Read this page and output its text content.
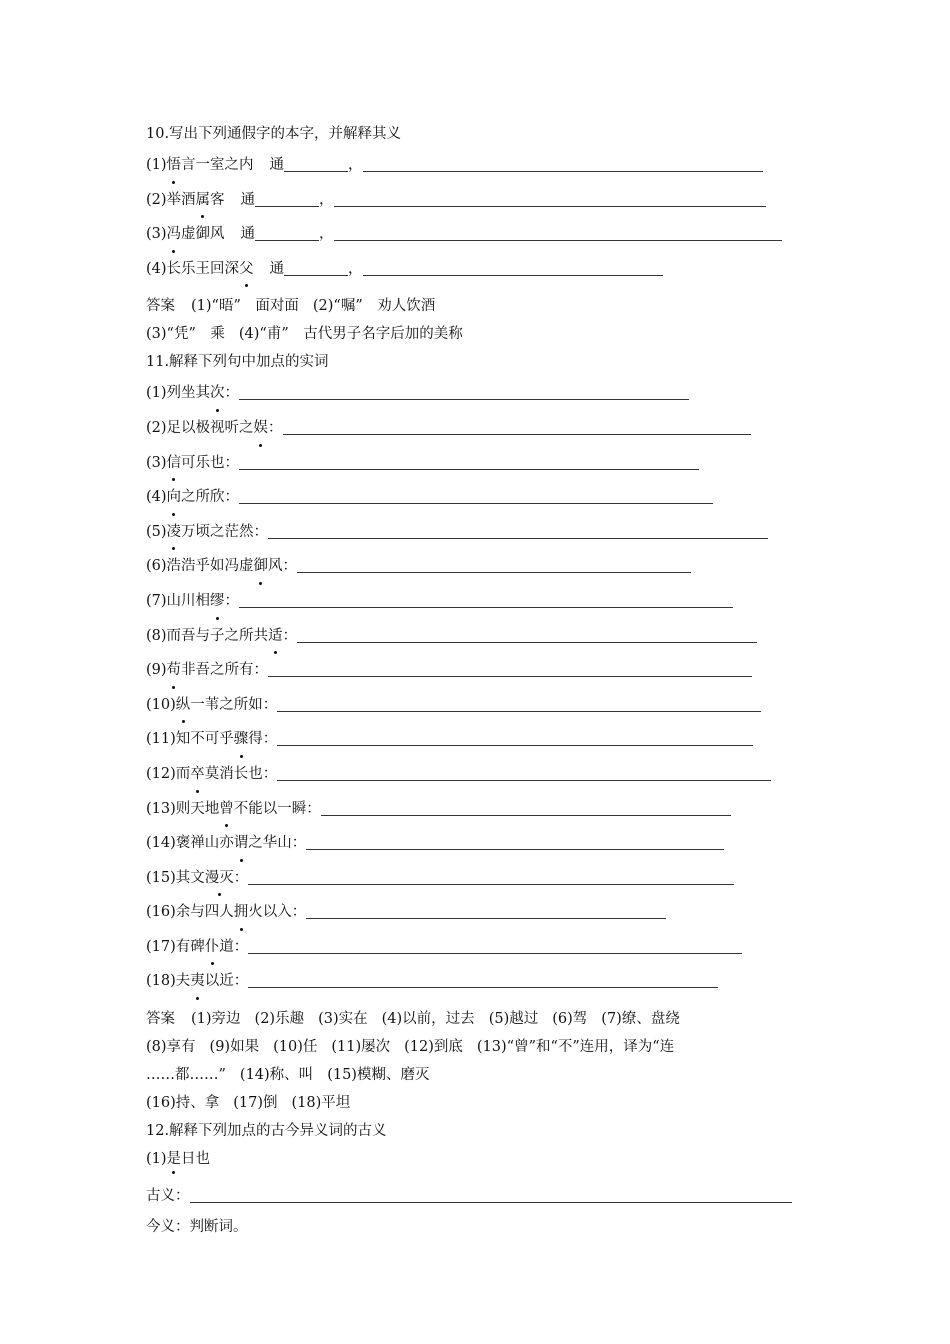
10.写出下列通假字的本字，并解释其义
(1)悟言一室之内 通	，
(2)举酒属客 通	，
(3)冯虚御风 通	，
(4)长乐王回深父 通	，
答案 (1)“晤”　面对面 (2)“嘱”　劝人饮酒
(3)“凭”　乘 (4)“甫”　古代男子名字后加的美称
11.解释下列句中加点的实词
(1)列坐其次：
(2)足以极视听之娱：
(3)信可乐也：
(4)向之所欣：
(5)凌万顷之茫然：
(6)浩浩乎如冯虚御风：
(7)山川相缪：
(8)而吾与子之所共适：
(9)苟非吾之所有：
(10)纵一苇之所如：
(11)知不可乎骤得：
(12)而卒莫消长也：
(13)则天地曾不能以一瞬：
(14)褒禅山亦谓之华山：
(15)其文漫灭：
(16)余与四人拥火以入：
(17)有碑仆道：
(18)夫夷以近：
答案 (1)旁边 (2)乐趣 (3)实在 (4)以前，过去 (5)越过 (6)驾 (7)缭、盘绕
(8)享有 (9)如果 (10)任 (11)屡次 (12)到底 (13)“曾”和“不”连用，译为“连
……都……” (14)称、叫 (15)模糊、磨灭
(16)持、拿 (17)倒 (18)平坦
12.解释下列加点的古今异义词的古义
(1)是日也
古义：
今义：判断词。
